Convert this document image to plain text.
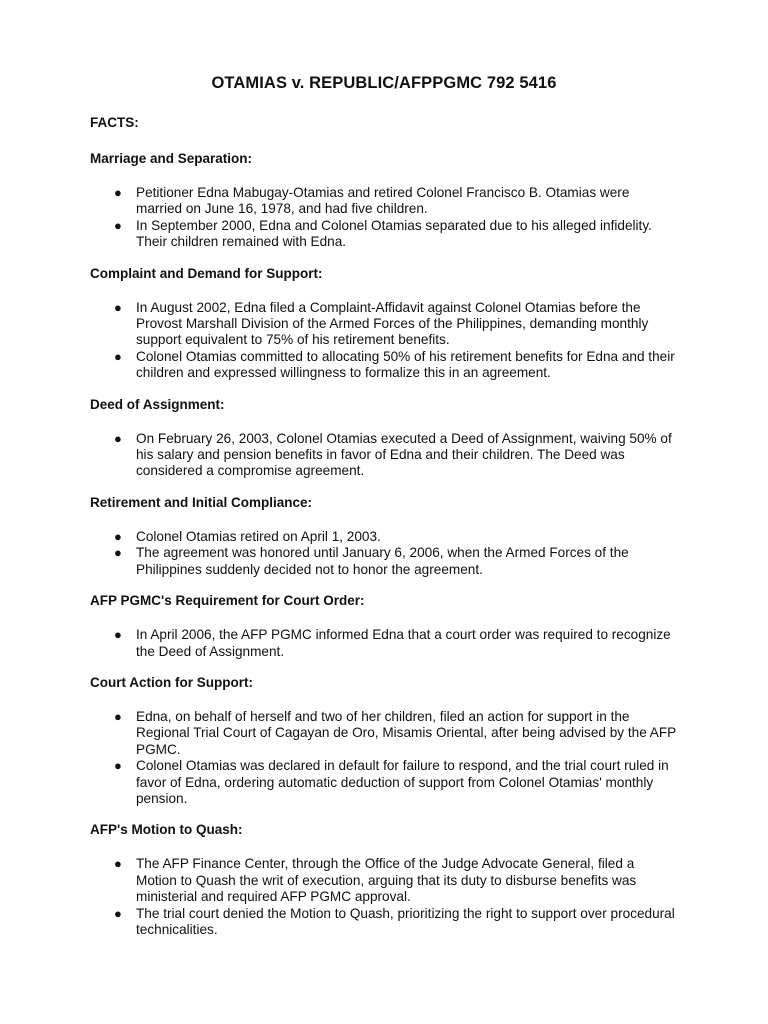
OTAMIAS v. REPUBLIC/AFPPGMC 792 5416
FACTS:
Marriage and Separation:
● Petitioner Edna Mabugay-Otamias and retired Colonel Francisco B. Otamias were married on June 16, 1978, and had five children.
● In September 2000, Edna and Colonel Otamias separated due to his alleged infidelity. Their children remained with Edna.
Complaint and Demand for Support:
● In August 2002, Edna filed a Complaint-Affidavit against Colonel Otamias before the Provost Marshall Division of the Armed Forces of the Philippines, demanding monthly support equivalent to 75% of his retirement benefits.
● Colonel Otamias committed to allocating 50% of his retirement benefits for Edna and their children and expressed willingness to formalize this in an agreement.
Deed of Assignment:
● On February 26, 2003, Colonel Otamias executed a Deed of Assignment, waiving 50% of his salary and pension benefits in favor of Edna and their children. The Deed was considered a compromise agreement.
Retirement and Initial Compliance:
● Colonel Otamias retired on April 1, 2003.
● The agreement was honored until January 6, 2006, when the Armed Forces of the Philippines suddenly decided not to honor the agreement.
AFP PGMC's Requirement for Court Order:
● In April 2006, the AFP PGMC informed Edna that a court order was required to recognize the Deed of Assignment.
Court Action for Support:
● Edna, on behalf of herself and two of her children, filed an action for support in the Regional Trial Court of Cagayan de Oro, Misamis Oriental, after being advised by the AFP PGMC.
● Colonel Otamias was declared in default for failure to respond, and the trial court ruled in favor of Edna, ordering automatic deduction of support from Colonel Otamias' monthly pension.
AFP's Motion to Quash:
● The AFP Finance Center, through the Office of the Judge Advocate General, filed a Motion to Quash the writ of execution, arguing that its duty to disburse benefits was ministerial and required AFP PGMC approval.
● The trial court denied the Motion to Quash, prioritizing the right to support over procedural technicalities.
